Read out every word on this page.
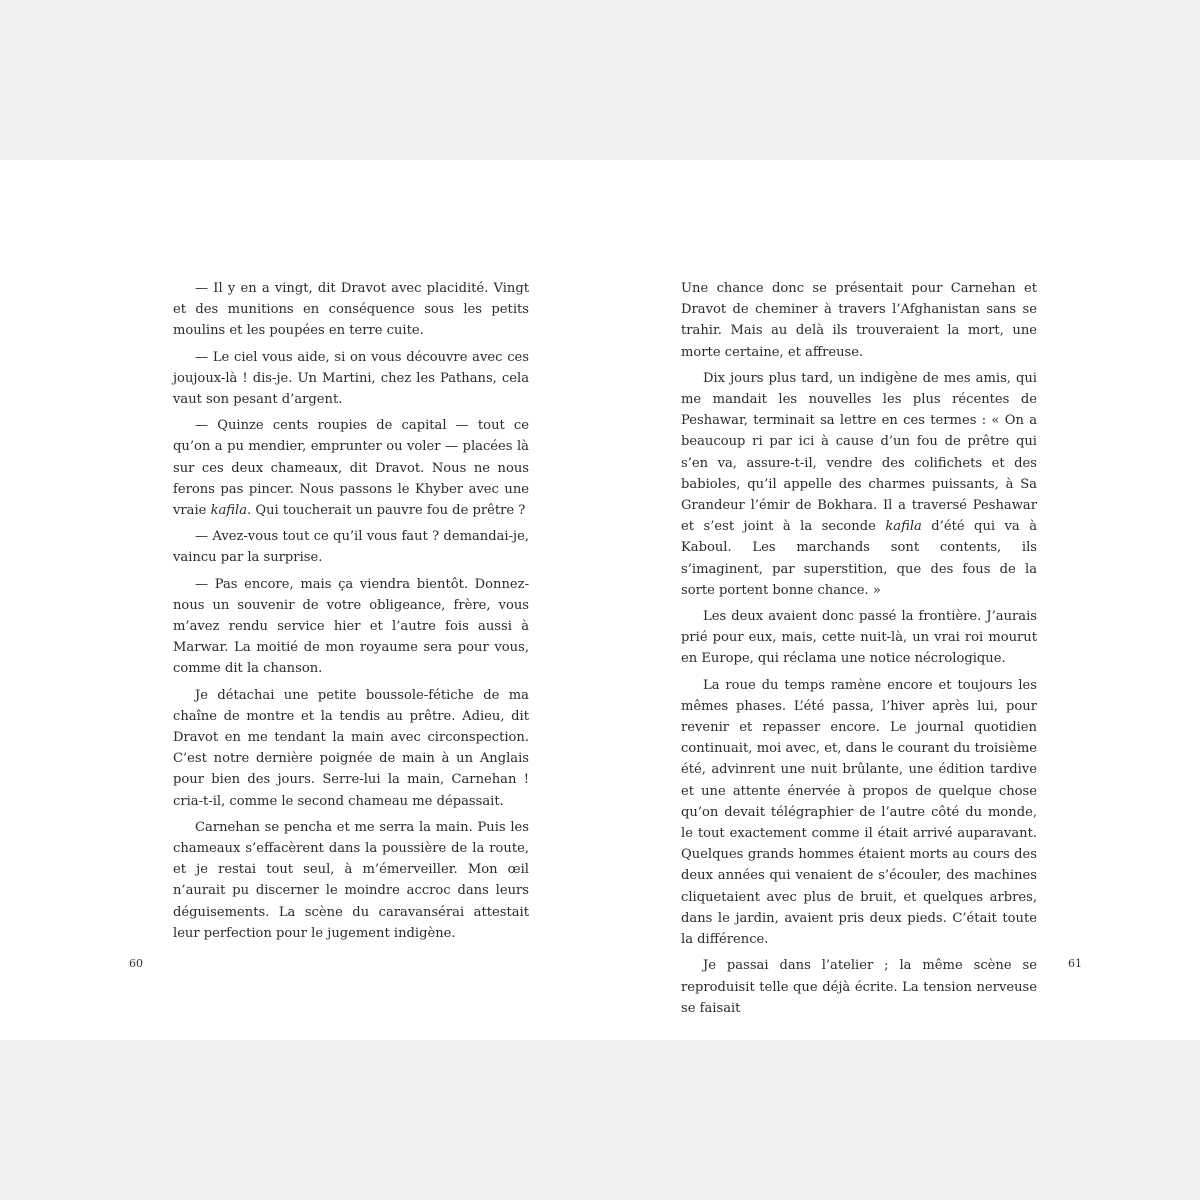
— Il y en a vingt, dit Dravot avec placidité. Vingt et des munitions en conséquence sous les petits moulins et les poupées en terre cuite.

— Le ciel vous aide, si on vous découvre avec ces joujoux-là ! dis-je. Un Martini, chez les Pathans, cela vaut son pesant d’argent.

— Quinze cents roupies de capital — tout ce qu’on a pu mendier, emprunter ou voler — placées là sur ces deux chameaux, dit Dravot. Nous ne nous ferons pas pincer. Nous passons le Khyber avec une vraie kafila. Qui toucherait un pauvre fou de prêtre ?

— Avez-vous tout ce qu’il vous faut ? demandai-je, vaincu par la surprise.

— Pas encore, mais ça viendra bientôt. Donnez-nous un souvenir de votre obligeance, frère, vous m’avez rendu service hier et l’autre fois aussi à Marwar. La moitié de mon royaume sera pour vous, comme dit la chanson.

Je détachai une petite boussole-fétiche de ma chaîne de montre et la tendis au prêtre. Adieu, dit Dravot en me tendant la main avec circonspection. C’est notre dernière poignée de main à un Anglais pour bien des jours. Serre-lui la main, Carnehan ! cria-t-il, comme le second chameau me dépassait.

Carnehan se pencha et me serra la main. Puis les chameaux s’effacèrent dans la poussière de la route, et je restai tout seul, à m’émerveiller. Mon œil n’aurait pu discerner le moindre accroc dans leurs déguisements. La scène du caravansérai attestait leur perfection pour le jugement indigène.

Une chance donc se présentait pour Carnehan et Dravot de cheminer à travers l’Afghanistan sans se trahir. Mais au delà ils trouveraient la mort, une morte certaine, et affreuse.

Dix jours plus tard, un indigène de mes amis, qui me mandait les nouvelles les plus récentes de Peshawar, terminait sa lettre en ces termes : « On a beaucoup ri par ici à cause d’un fou de prêtre qui s’en va, assure-t-il, vendre des colifichets et des babioles, qu’il appelle des charmes puissants, à Sa Grandeur l’émir de Bokhara. Il a traversé Peshawar et s’est joint à la seconde kafila d’été qui va à Kaboul. Les marchands sont contents, ils s’imaginent, par superstition, que des fous de la sorte portent bonne chance. »

Les deux avaient donc passé la frontière. J’aurais prié pour eux, mais, cette nuit-là, un vrai roi mourut en Europe, qui réclama une notice nécrologique.

La roue du temps ramène encore et toujours les mêmes phases. L’été passa, l’hiver après lui, pour revenir et repasser encore. Le journal quotidien continuait, moi avec, et, dans le courant du troisième été, advinrent une nuit brûlante, une édition tardive et une attente énervée à propos de quelque chose qu’on devait télégraphier de l’autre côté du monde, le tout exactement comme il était arrivé auparavant. Quelques grands hommes étaient morts au cours des deux années qui venaient de s’écouler, des machines cliquetaient avec plus de bruit, et quelques arbres, dans le jardin, avaient pris deux pieds. C’était toute la différence.

Je passai dans l’atelier ; la même scène se reproduisit telle que déjà écrite. La tension nerveuse se faisait

60	61
